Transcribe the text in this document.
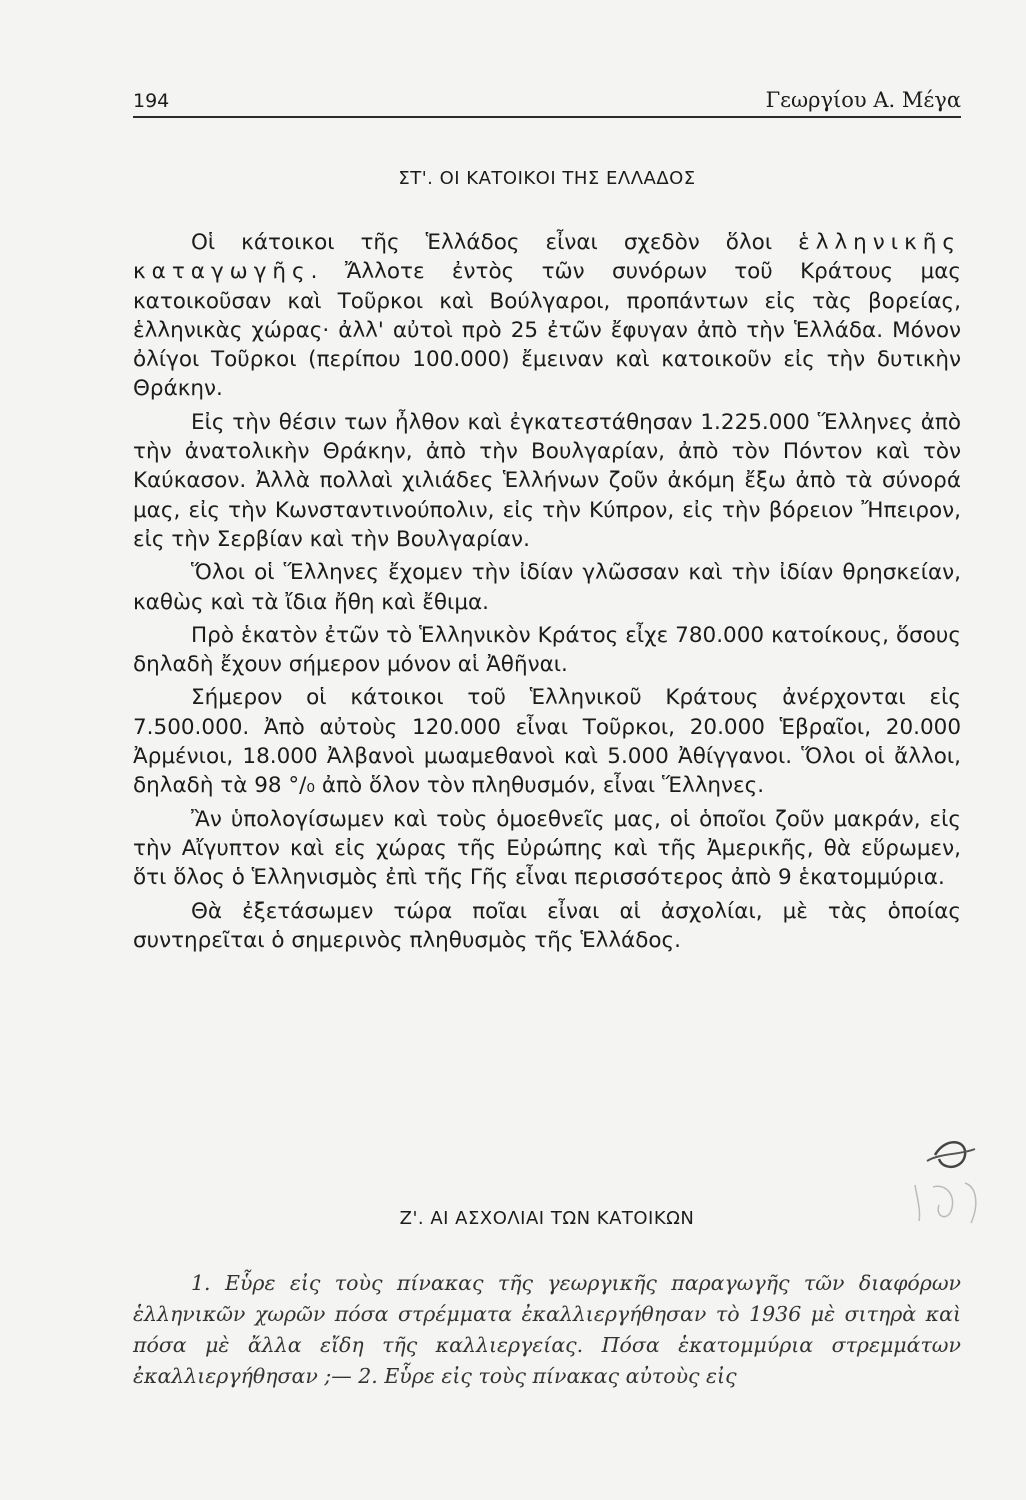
194	Γεωργίου Α. Μέγα
ΣΤ'. ΟΙ ΚΑΤΟΙΚΟΙ ΤΗΣ ΕΛΛΑΔΟΣ

Οἱ κάτοικοι τῆς Ἑλλάδος εἶναι σχεδὸν ὅλοι ἑλληνικῆς καταγωγῆς. Ἄλλοτε ἐντὸς τῶν συνόρων τοῦ Κράτους μας κατοικοῦσαν καὶ Τοῦρκοι καὶ Βούλγαροι, προπάντων εἰς τὰς βορείας, ἑλληνικὰς χώρας· ἀλλ' αὐτοὶ πρὸ 25 ἐτῶν ἔφυγαν ἀπὸ τὴν Ἑλλάδα. Μόνον ὀλίγοι Τοῦρκοι (περίπου 100.000) ἔμειναν καὶ κατοικοῦν εἰς τὴν δυτικὴν Θράκην.

Εἰς τὴν θέσιν των ἦλθον καὶ ἐγκατεστάθησαν 1.225.000 Ἕλληνες ἀπὸ τὴν ἀνατολικὴν Θράκην, ἀπὸ τὴν Βουλγαρίαν, ἀπὸ τὸν Πόντον καὶ τὸν Καύκασον. Ἀλλὰ πολλαὶ χιλιάδες Ἑλλήνων ζοῦν ἀκόμη ἔξω ἀπὸ τὰ σύνορά μας, εἰς τὴν Κωνσταντινούπολιν, εἰς τὴν Κύπρον, εἰς τὴν βόρειον Ἤπειρον, εἰς τὴν Σερβίαν καὶ τὴν Βουλγαρίαν.

Ὅλοι οἱ Ἕλληνες ἔχομεν τὴν ἰδίαν γλῶσσαν καὶ τὴν ἰδίαν θρησκείαν, καθὼς καὶ τὰ ἴδια ἤθη καὶ ἔθιμα.

Πρὸ ἑκατὸν ἐτῶν τὸ Ἑλληνικὸν Κράτος εἶχε 780.000 κατοίκους, ὅσους δηλαδὴ ἔχουν σήμερον μόνον αἱ Ἀθῆναι.

Σήμερον οἱ κάτοικοι τοῦ Ἑλληνικοῦ Κράτους ἀνέρχονται εἰς 7.500.000. Ἀπὸ αὐτοὺς 120.000 εἶναι Τοῦρκοι, 20.000 Ἑβραῖοι, 20.000 Ἀρμένιοι, 18.000 Ἀλβανοὶ μωαμεθανοὶ καὶ 5.000 Ἀθίγγανοι. Ὅλοι οἱ ἄλλοι, δηλαδὴ τὰ 98 °/₀ ἀπὸ ὅλον τὸν πληθυσμόν, εἶναι Ἕλληνες.

Ἂν ὑπολογίσωμεν καὶ τοὺς ὁμοεθνεῖς μας, οἱ ὁποῖοι ζοῦν μακράν, εἰς τὴν Αἴγυπτον καὶ εἰς χώρας τῆς Εὐρώπης καὶ τῆς Ἀμερικῆς, θὰ εὕρωμεν, ὅτι ὅλος ὁ Ἑλληνισμὸς ἐπὶ τῆς Γῆς εἶναι περισσότερος ἀπὸ 9 ἑκατομμύρια.

Θὰ ἐξετάσωμεν τώρα ποῖαι εἶναι αἱ ἀσχολίαι, μὲ τὰς ὁποίας συντηρεῖται ὁ σημερινὸς πληθυσμὸς τῆς Ἑλλάδος.

Ζ'. ΑΙ ΑΣΧΟΛΙΑΙ ΤΩΝ ΚΑΤΟΙΚΩΝ

1. Εὗρε εἰς τοὺς πίνακας τῆς γεωργικῆς παραγωγῆς τῶν διαφόρων ἑλληνικῶν χωρῶν πόσα στρέμματα ἐκαλλιεργήθησαν τὸ 1936 μὲ σιτηρὰ καὶ πόσα μὲ ἄλλα εἴδη τῆς καλλιεργείας. Πόσα ἑκατομμύρια στρεμμάτων ἐκαλλιεργήθησαν ;— 2. Εὗρε εἰς τοὺς πίνακας αὐτοὺς εἰς
